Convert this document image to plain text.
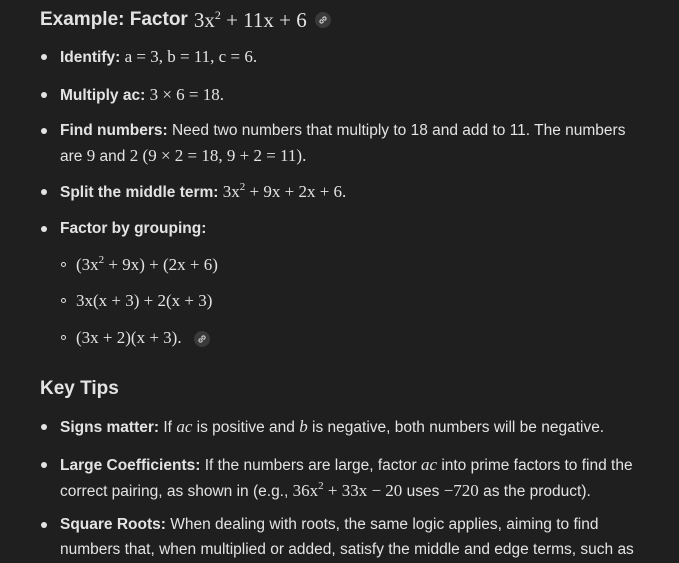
Example: Factor $3x^2 + 11x + 6$
Identify: a = 3, b = 11, c = 6.
Multiply ac: 3 × 6 = 18.
Find numbers: Need two numbers that multiply to 18 and add to 11. The numbers
are 9 and 2 (9 × 2 = 18, 9 + 2 = 11).
Split the middle term: $3x^2 + 9x + 2x + 6$.
Factor by grouping:
$(3x^2 + 9x) + (2x + 6)$
3x(x + 3) + 2(x + 3)
(3x + 2)(x + 3).
Key Tips
Signs matter: If ac is positive and b is negative, both numbers will be negative.
Large Coefficients: If the numbers are large, factor ac into prime factors to find the
correct pairing, as shown in (e.g., $36x^2 + 33x - 20$ uses −720 as the product).
Square Roots: When dealing with roots, the same logic applies, aiming to find
numbers that, when multiplied or added, satisfy the middle and edge terms, such as
